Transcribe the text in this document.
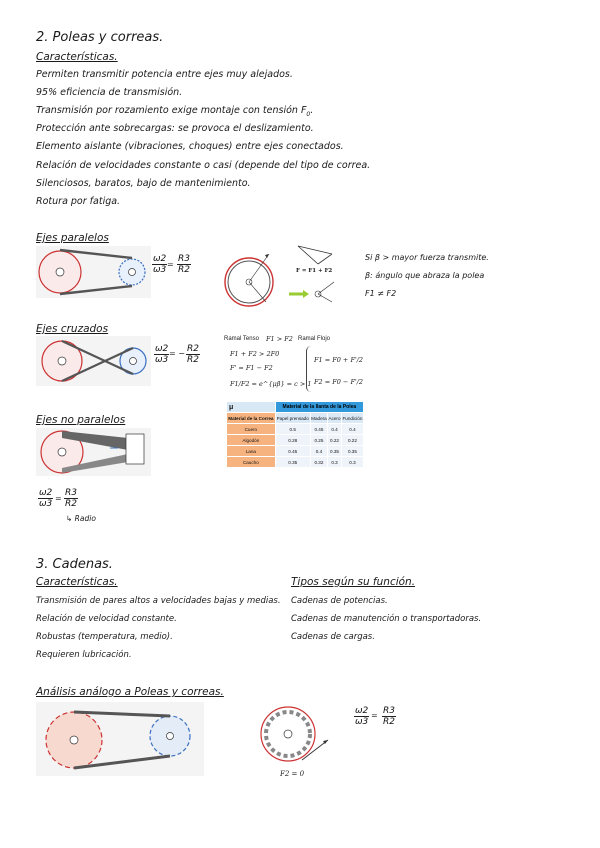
2. Poleas y correas.
Características.
Permiten transmitir potencia entre ejes muy alejados.
95% eficiencia de transmisión.
Transmisión por rozamiento exige montaje con tensión $F_0$.
Protección ante sobrecargas: se provoca el deslizamiento.
Elemento aislante (vibraciones, choques) entre ejes conectados.
Relación de velocidades constante o casi (depende del tipo de correa.
Silenciosos, baratos, bajo de mantenimiento.
Rotura por fatiga.
Ejes paralelos
ω2
ω3
=
R3
R2	F = F1 + F2
Si β > mayor fuerza transmite.
β: ángulo que abraza la polea
F1 ≠ F2
Ejes cruzados
ω2
ω3
= − R2
R2
Ramal Tenso F1 > F2 Ramal Flojo
F1 + F2 > 2F0
F' = F1 − F2
F1/F2 = e^{μβ} = c > 1
F1 = F0 + F'/2
F2 = F0 − F'/2
μ	Material de la llanta de la Polea			
Material de la Correa	Papel prensado	Madera	Acero	Fundición
Cuero	0.5	0.45	0.4	0.4
Algodón	0.28	0.25	0.22	0.22
Lana	0.45	0.4	0.35	0.35
Caucho	0.35	0.32	0.3	0.3
Ejes no paralelos
ω2
ω3
=
R3
R2
↳ Radio
3. Cadenas.
Características.
Transmisión de pares altos a velocidades bajas y medias.
Relación de velocidad constante.
Robustas (temperatura, medio).
Requieren lubricación.
Tipos según su función.
Cadenas de potencias.
Cadenas de manutención o transportadoras.
Cadenas de cargas.
Análisis análogo a Poleas y correas.
F2 = 0
ω2
ω3
= R3
R2
